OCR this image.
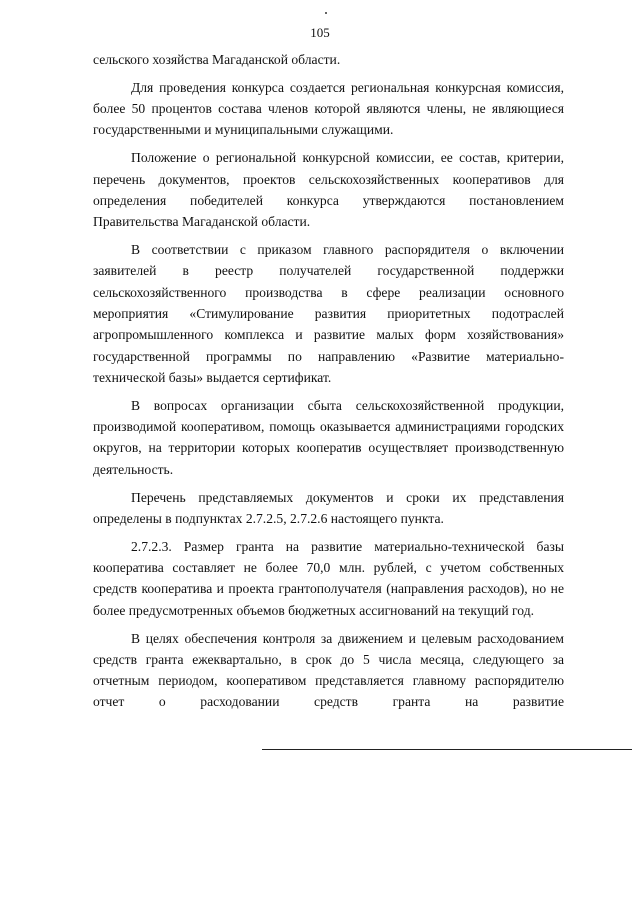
105

сельского хозяйства Магаданской области.

Для проведения конкурса создается региональная конкурсная комиссия, более 50 процентов состава членов которой являются члены, не являющиеся государственными и муниципальными служащими.

Положение о региональной конкурсной комиссии, ее состав, критерии, перечень документов, проектов сельскохозяйственных кооперативов для определения победителей конкурса утверждаются постановлением Правительства Магаданской области.

В соответствии с приказом главного распорядителя о включении заявителей в реестр получателей государственной поддержки сельскохозяйственного производства в сфере реализации основного мероприятия «Стимулирование развития приоритетных подотраслей агропромышленного комплекса и развитие малых форм хозяйствования» государственной программы по направлению «Развитие материально-технической базы» выдается сертификат.

В вопросах организации сбыта сельскохозяйственной продукции, производимой кооперативом, помощь оказывается администрациями городских округов, на территории которых кооператив осуществляет производственную деятельность.

Перечень представляемых документов и сроки их представления определены в подпунктах 2.7.2.5, 2.7.2.6 настоящего пункта.

2.7.2.3. Размер гранта на развитие материально-технической базы кооператива составляет не более 70,0 млн. рублей, с учетом собственных средств кооператива и проекта грантополучателя (направления расходов), но не более предусмотренных объемов бюджетных ассигнований на текущий год.

В целях обеспечения контроля за движением и целевым расходованием средств гранта ежеквартально, в срок до 5 числа месяца, следующего за отчетным периодом, кооперативом представляется главному распорядителю отчет о расходовании средств гранта на развитие
